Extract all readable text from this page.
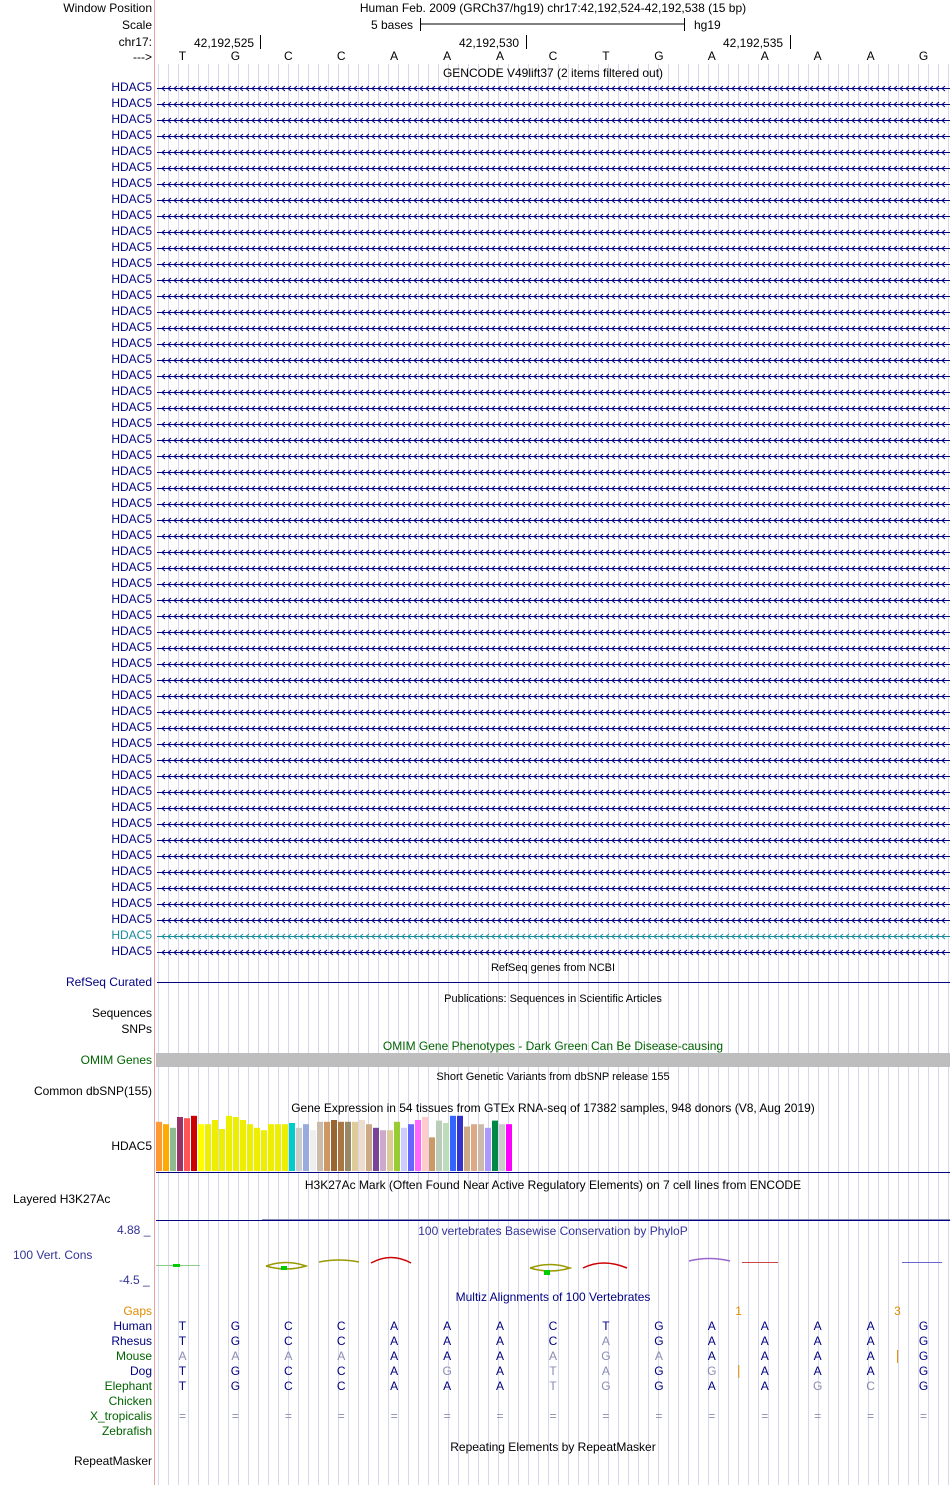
Window Position
Scale
chr17:
--->
Human Feb. 2009 (GRCh37/hg19) chr17:42,192,524-42,192,538 (15 bp)
5 bases	hg19
42,192,525	42,192,530	42,192,535
GENCODE V49lift37 (2 items filtered out)
RefSeq genes from NCBI
RefSeq Curated
Publications: Sequences in Scientific Articles
Sequences
SNPs
OMIM Gene Phenotypes - Dark Green Can Be Disease-causing
OMIM Genes
Short Genetic Variants from dbSNP release 155
Common dbSNP(155)
Gene Expression in 54 tissues from GTEx RNA-seq of 17382 samples, 948 donors (V8, Aug 2019)
HDAC5
H3K27Ac Mark (Often Found Near Active Regulatory Elements) on 7 cell lines from ENCODE
Layered H3K27Ac
100 vertebrates Basewise Conservation by PhyloP
4.88 _
100 Vert. Cons
-4.5 _
Multiz Alignments of 100 Vertebrates
Gaps
Repeating Elements by RepeatMasker
RepeatMasker
T	G	C	C	A	A	A	C	T	G	A	A	A	A	G
HDAC5
HDAC5
HDAC5
HDAC5
HDAC5
HDAC5
HDAC5
HDAC5
HDAC5
HDAC5
HDAC5
HDAC5
HDAC5
HDAC5
HDAC5
HDAC5
HDAC5
HDAC5
HDAC5
HDAC5
HDAC5
HDAC5
HDAC5
HDAC5
HDAC5
HDAC5
HDAC5
HDAC5
HDAC5
HDAC5
HDAC5
HDAC5
HDAC5
HDAC5
HDAC5
HDAC5
HDAC5
HDAC5
HDAC5
HDAC5
HDAC5
HDAC5
HDAC5
HDAC5
HDAC5
HDAC5
HDAC5
HDAC5
HDAC5
HDAC5
HDAC5
HDAC5
HDAC5
HDAC5
HDAC5
1	3
Human T	G	C	C	A	A	A	C	T	G	A	A	A	A	G
Rhesus T	G	C	C	A	A	A	C	A	G	A	A	A	A	G
Mouse A	A	A	A	A	A	A	A	G	A	A	A	A	A	G
Dog T	G	C	C	A	G	A	T	A	G	G	A	A	A	G
Elephant T	G	C	C	A	A	A	T	G	G	A	A	G	C	G
Chicken
X_tropicalis =	=	=	=	=	=	=	=	=	=	=	=	=	=	=
Zebrafish
